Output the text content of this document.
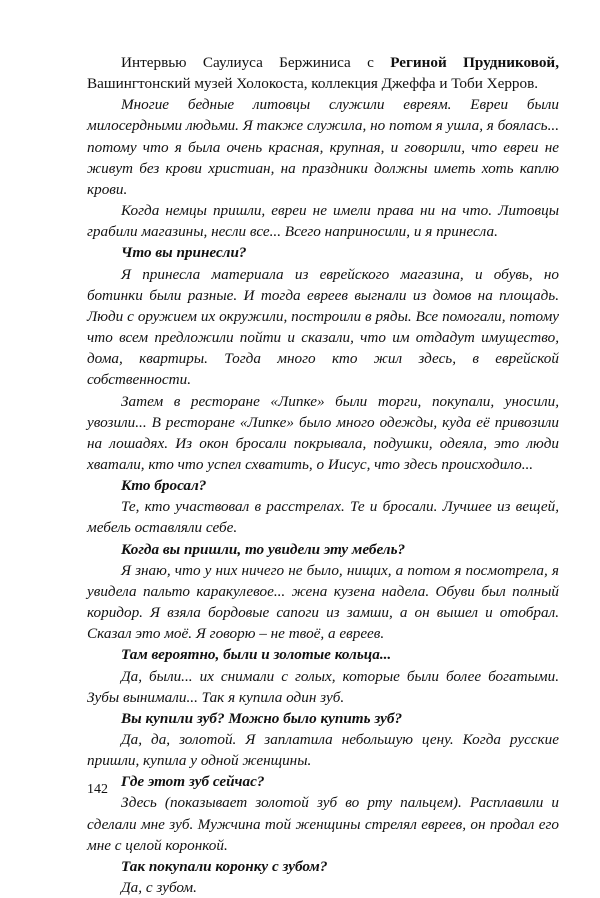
Интервью Саулиуса Бержиниса с Региной Прудниковой, Вашингтонский музей Холокоста, коллекция Джеффа и Тоби Херров.

Многие бедные литовцы служили евреям. Евреи были милосердными людьми. Я также служила, но потом я ушла, я боялась... потому что я была очень красная, крупная, и говорили, что евреи не живут без крови христиан, на праздники должны иметь хоть каплю крови.

Когда немцы пришли, евреи не имели права ни на что. Литовцы грабили магазины, несли все... Всего наприносили, и я принесла.

Что вы принесли?

Я принесла материала из еврейского магазина, и обувь, но ботинки были разные. И тогда евреев выгнали из домов на площадь. Люди с оружием их окружили, построили в ряды. Все помогали, потому что всем предложили пойти и сказали, что им отдадут имущество, дома, квартиры. Тогда много кто жил здесь, в еврейской собственности.

Затем в ресторане «Липке» были торги, покупали, уносили, увозили... В ресторане «Липке» было много одежды, куда её привозили на лошадях. Из окон бросали покрывала, подушки, одеяла, это люди хватали, кто что успел схватить, о Иисус, что здесь происходило...

Кто бросал?

Те, кто участвовал в расстрелах. Те и бросали. Лучшее из вещей, мебель оставляли себе.

Когда вы пришли, то увидели эту мебель?

Я знаю, что у них ничего не было, нищих, а потом я посмотрела, я увидела пальто каракулевое... жена кузена надела. Обуви был полный коридор. Я взяла бордовые сапоги из замши, а он вышел и отобрал. Сказал это моё. Я говорю – не твоё, а евреев.

Там вероятно, были и золотые кольца...

Да, были... их снимали с голых, которые были более богатыми. Зубы вынимали... Так я купила один зуб.

Вы купили зуб? Можно было купить зуб?

Да, да, золотой. Я заплатила небольшую цену. Когда русские пришли, купила у одной женщины.

Где этот зуб сейчас?

Здесь (показывает золотой зуб во рту пальцем). Расплавили и сделали мне зуб. Мужчина той женщины стрелял евреев, он продал его мне с целой коронкой.

Так покупали коронку с зубом?

Да, с зубом.

142
